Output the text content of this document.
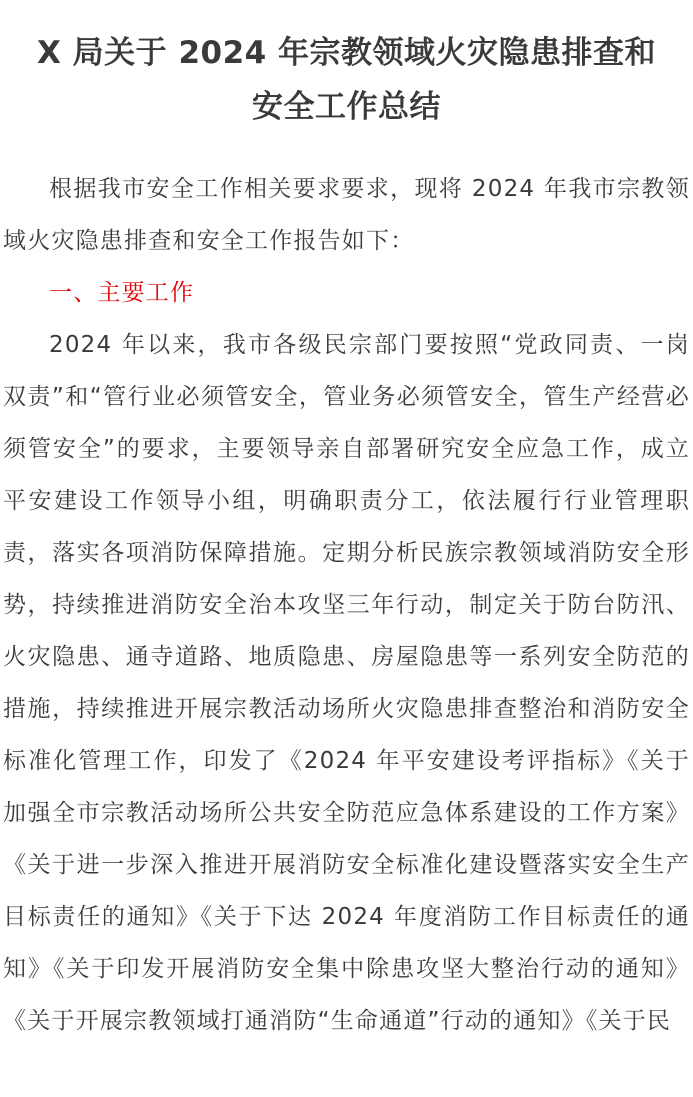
X 局关于 2024 年宗教领域火灾隐患排查和
安全工作总结

根据我市安全工作相关要求要求，现将 2024 年我市宗教领域火灾隐患排查和安全工作报告如下：

一、主要工作

2024 年以来，我市各级民宗部门要按照“党政同责、一岗双责”和“管行业必须管安全，管业务必须管安全，管生产经营必须管安全”的要求，主要领导亲自部署研究安全应急工作，成立平安建设工作领导小组，明确职责分工，依法履行行业管理职责，落实各项消防保障措施。定期分析民族宗教领域消防安全形势，持续推进消防安全治本攻坚三年行动，制定关于防台防汛、火灾隐患、通寺道路、地质隐患、房屋隐患等一系列安全防范的措施，持续推进开展宗教活动场所火灾隐患排查整治和消防安全标准化管理工作，印发了《2024 年平安建设考评指标》《关于加强全市宗教活动场所公共安全防范应急体系建设的工作方案》《关于进一步深入推进开展消防安全标准化建设暨落实安全生产目标责任的通知》《关于下达 2024 年度消防工作目标责任的通知》《关于印发开展消防安全集中除患攻坚大整治行动的通知》《关于开展宗教领域打通消防“生命通道”行动的通知》《关于民
